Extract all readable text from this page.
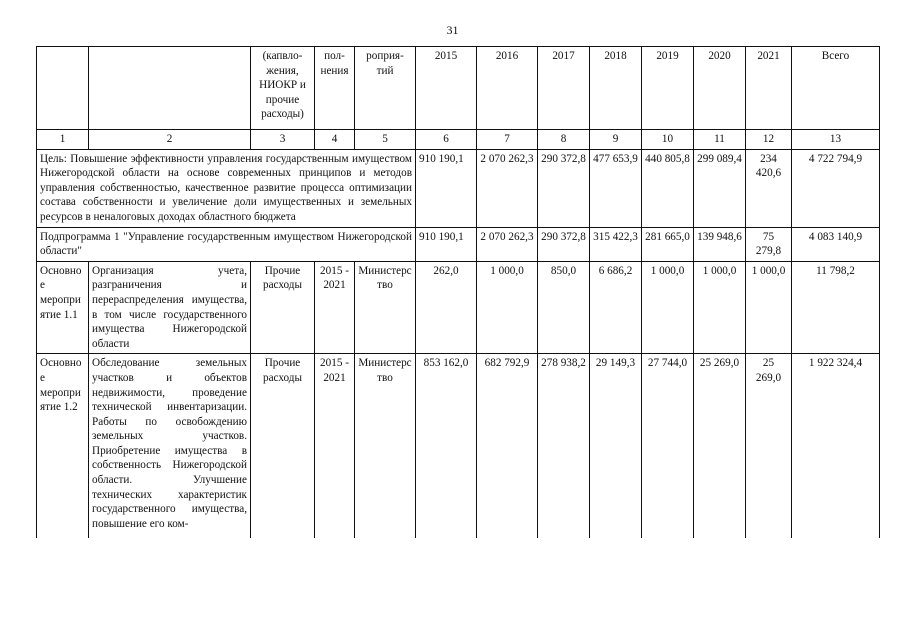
31
		(капвло-жения, НИОКР и прочие расходы)	пол-нения	роприя-тий	2015	2016	2017	2018	2019	2020	2021	Всего
1	2	3	4	5	6	7	8	9	10	11	12	13
Цель: Повышение эффективности управления государственным имуществом Нижегородской области на основе современных принципов и методов управления собственностью, качественное развитие процесса оптимизации состава собственности и увеличение доли имущественных и земельных ресурсов в неналоговых доходах областного бюджета					910 190,1	2 070 262,3	290 372,8	477 653,9	440 805,8	299 089,4	234 420,6	4 722 794,9
Подпрограмма 1 "Управление государственным имуществом Нижегородской области"					910 190,1	2 070 262,3	290 372,8	315 422,3	281 665,0	139 948,6	75 279,8	4 083 140,9
Основное мероприятие 1.1	Организация учета, разграничения и перераспределения имущества, в том числе государственного имущества Нижегородской области	Прочие расходы	2015 - 2021	Министерство	262,0	1 000,0	850,0	6 686,2	1 000,0	1 000,0	1 000,0	11 798,2
Основное мероприятие 1.2	Обследование земельных участков и объектов недвижимости, проведение технической инвентаризации. Работы по освобождению земельных участков. Приобретение имущества в собственность Нижегородской области. Улучшение технических характеристик государственного имущества, повышение его ком-	Прочие расходы	2015 - 2021	Министерство	853 162,0	682 792,9	278 938,2	29 149,3	27 744,0	25 269,0	25 269,0	1 922 324,4
